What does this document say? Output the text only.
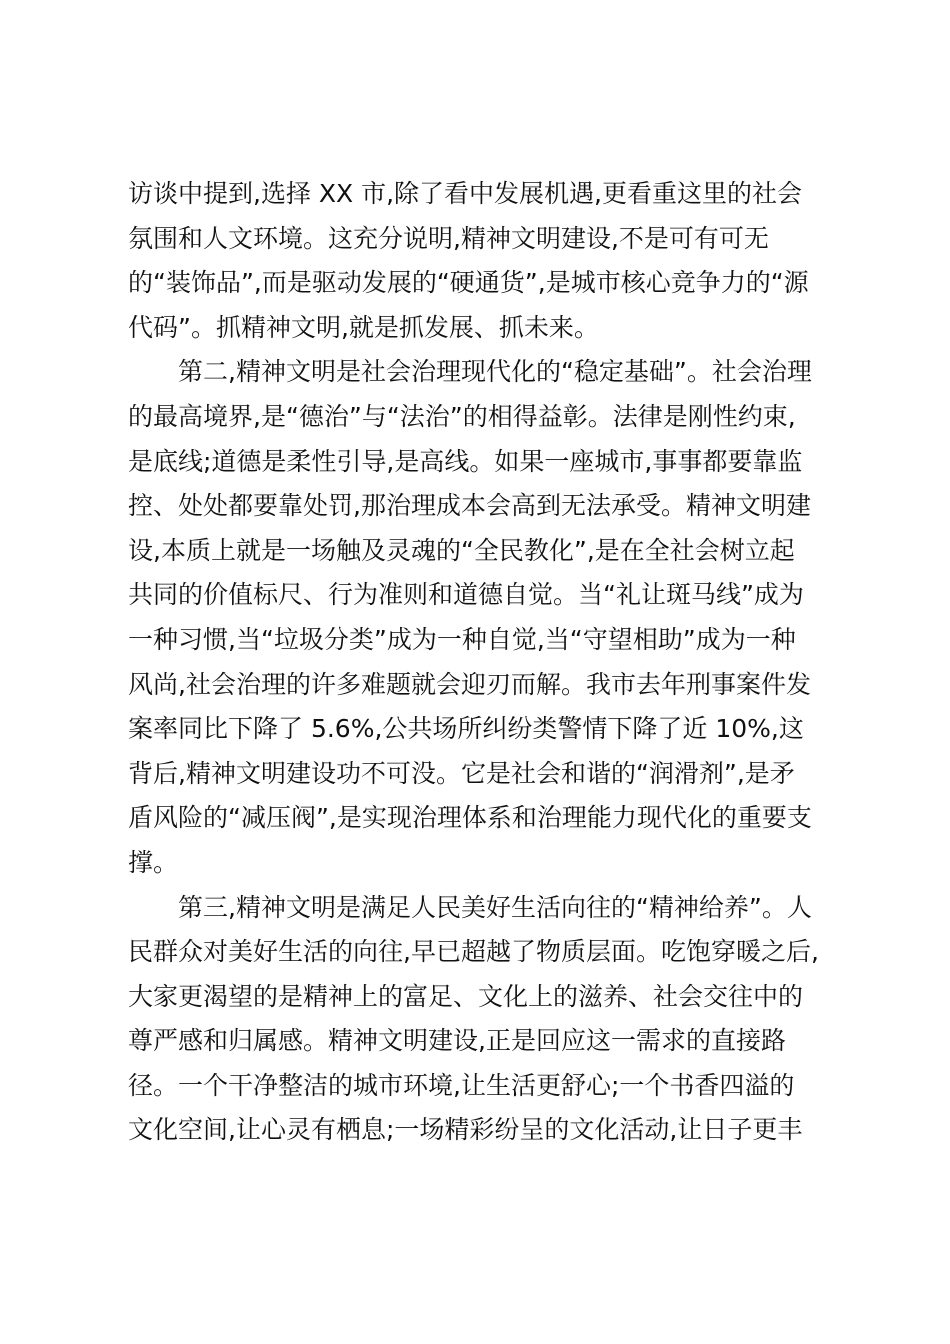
访谈中提到,选择 XX 市,除了看中发展机遇,更看重这里的社会
氛围和人文环境。这充分说明,精神文明建设,不是可有可无
的“装饰品”,而是驱动发展的“硬通货”,是城市核心竞争力的“源
代码”。抓精神文明,就是抓发展、抓未来。
第二,精神文明是社会治理现代化的“稳定基础”。社会治理
的最高境界,是“德治”与“法治”的相得益彰。法律是刚性约束,
是底线;道德是柔性引导,是高线。如果一座城市,事事都要靠监
控、处处都要靠处罚,那治理成本会高到无法承受。精神文明建
设,本质上就是一场触及灵魂的“全民教化”,是在全社会树立起
共同的价值标尺、行为准则和道德自觉。当“礼让斑马线”成为
一种习惯,当“垃圾分类”成为一种自觉,当“守望相助”成为一种
风尚,社会治理的许多难题就会迎刃而解。我市去年刑事案件发
案率同比下降了 5.6%,公共场所纠纷类警情下降了近 10%,这
背后,精神文明建设功不可没。它是社会和谐的“润滑剂”,是矛
盾风险的“减压阀”,是实现治理体系和治理能力现代化的重要支
撑。
第三,精神文明是满足人民美好生活向往的“精神给养”。人
民群众对美好生活的向往,早已超越了物质层面。吃饱穿暖之后,
大家更渴望的是精神上的富足、文化上的滋养、社会交往中的
尊严感和归属感。精神文明建设,正是回应这一需求的直接路
径。一个干净整洁的城市环境,让生活更舒心;一个书香四溢的
文化空间,让心灵有栖息;一场精彩纷呈的文化活动,让日子更丰
